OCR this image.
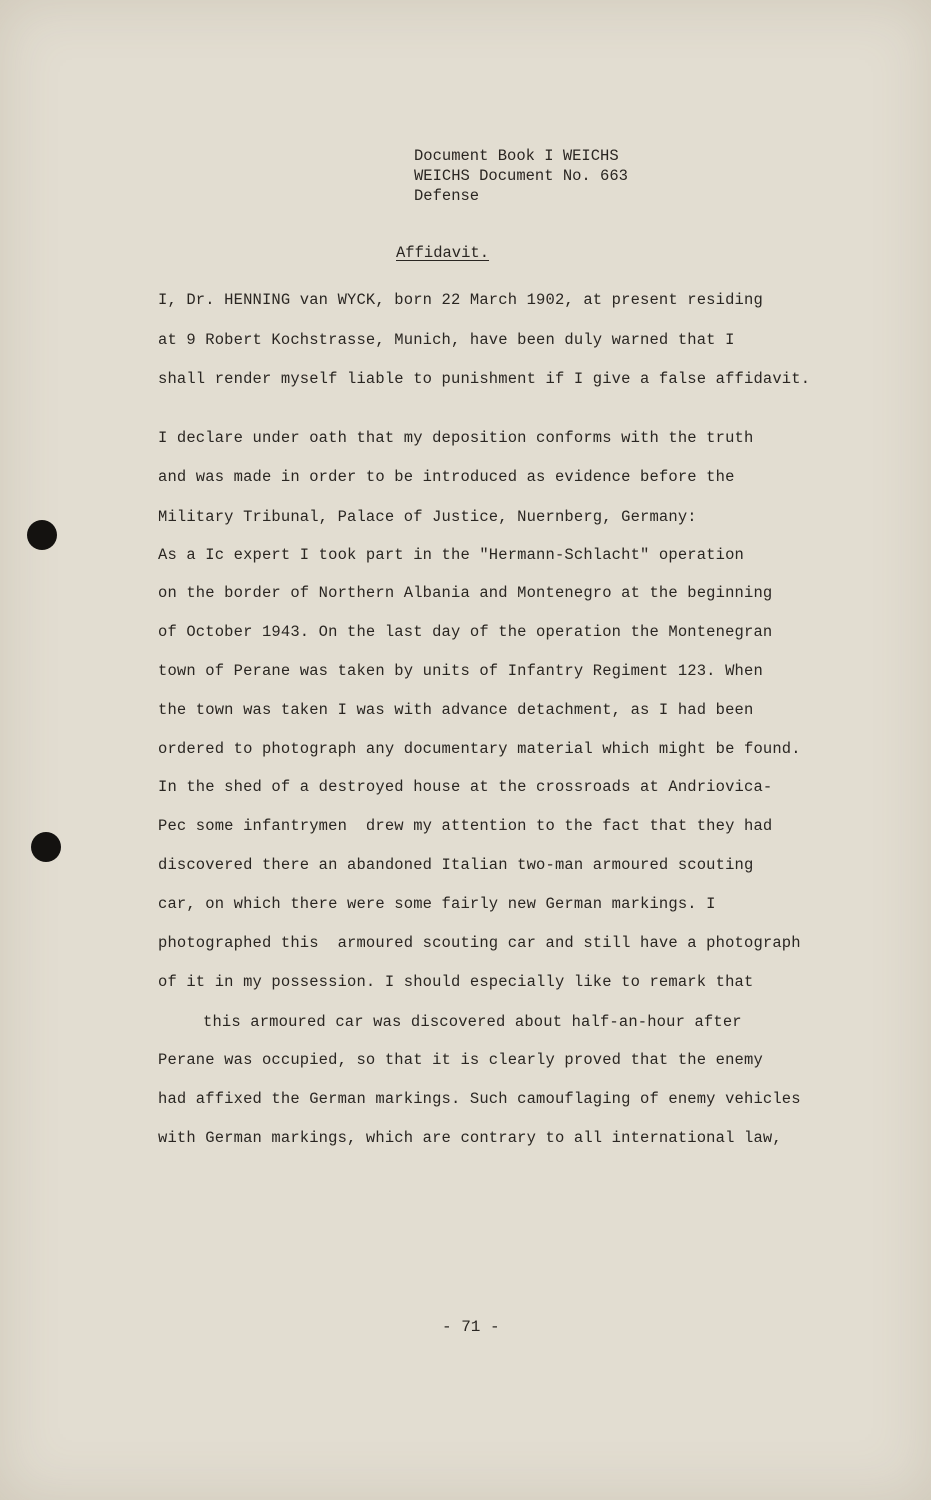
Document Book I WEICHS
WEICHS Document No. 663
Defense
Affidavit.
I, Dr. HENNING van WYCK, born 22 March 1902, at present residing
at 9 Robert Kochstrasse, Munich, have been duly warned that I
shall render myself liable to punishment if I give a false affidavit.
I declare under oath that my deposition conforms with the truth
and was made in order to be introduced as evidence before the
Military Tribunal, Palace of Justice, Nuernberg, Germany:
As a Ic expert I took part in the "Hermann-Schlacht" operation
on the border of Northern Albania and Montenegro at the beginning
of October 1943. On the last day of the operation the Montenegran
town of Perane was taken by units of Infantry Regiment 123. When
the town was taken I was with advance detachment, as I had been
ordered to photograph any documentary material which might be found.
In the shed of a destroyed house at the crossroads at Andriovica-
Pec some infantrymen  drew my attention to the fact that they had
discovered there an abandoned Italian two-man armoured scouting
car, on which there were some fairly new German markings. I
photographed this  armoured scouting car and still have a photograph
of it in my possession. I should especially like to remark that
this armoured car was discovered about half-an-hour after
Perane was occupied, so that it is clearly proved that the enemy
had affixed the German markings. Such camouflaging of enemy vehicles
with German markings, which are contrary to all international law,
- 71 -
